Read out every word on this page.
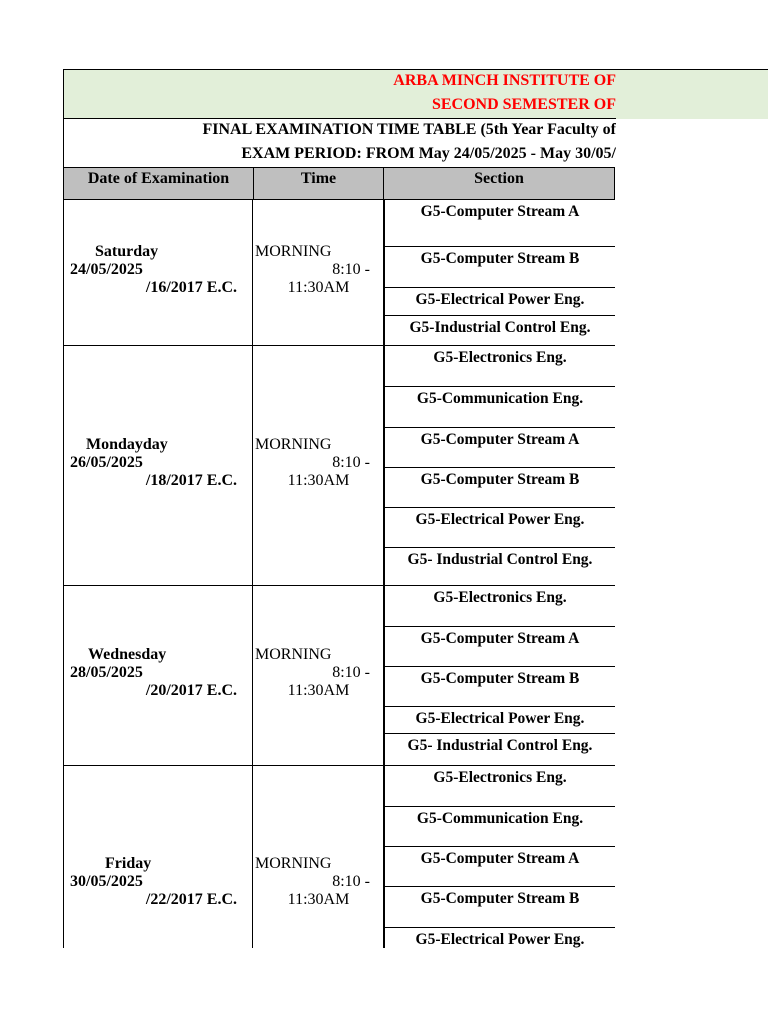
ARBA MINCH INSTITUTE OF
SECOND SEMESTER OF
FINAL EXAMINATION TIME TABLE (5th Year Faculty of
EXAM PERIOD: FROM May 24/05/2025 - May 30/05/
Date of Examination	Time	Section
Saturday
24/05/2025
/16/2017 E.C.
MORNING
8:10 -
11:30AM
G5-Computer Stream A
G5-Computer Stream B
G5-Electrical Power Eng.
G5-Industrial Control Eng.
Mondayday
26/05/2025
/18/2017 E.C.
MORNING
8:10 -
11:30AM
G5-Electronics Eng.
G5-Communication Eng.
G5-Computer Stream A
G5-Computer Stream B
G5-Electrical Power Eng.
G5- Industrial Control Eng.
Wednesday
28/05/2025
/20/2017 E.C.
MORNING
8:10 -
11:30AM
G5-Electronics Eng.
G5-Computer Stream A
G5-Computer Stream B
G5-Electrical Power Eng.
G5- Industrial Control Eng.
Friday
30/05/2025
/22/2017 E.C.
MORNING
8:10 -
11:30AM
G5-Electronics Eng.
G5-Communication Eng.
G5-Computer Stream A
G5-Computer Stream B
G5-Electrical Power Eng.
